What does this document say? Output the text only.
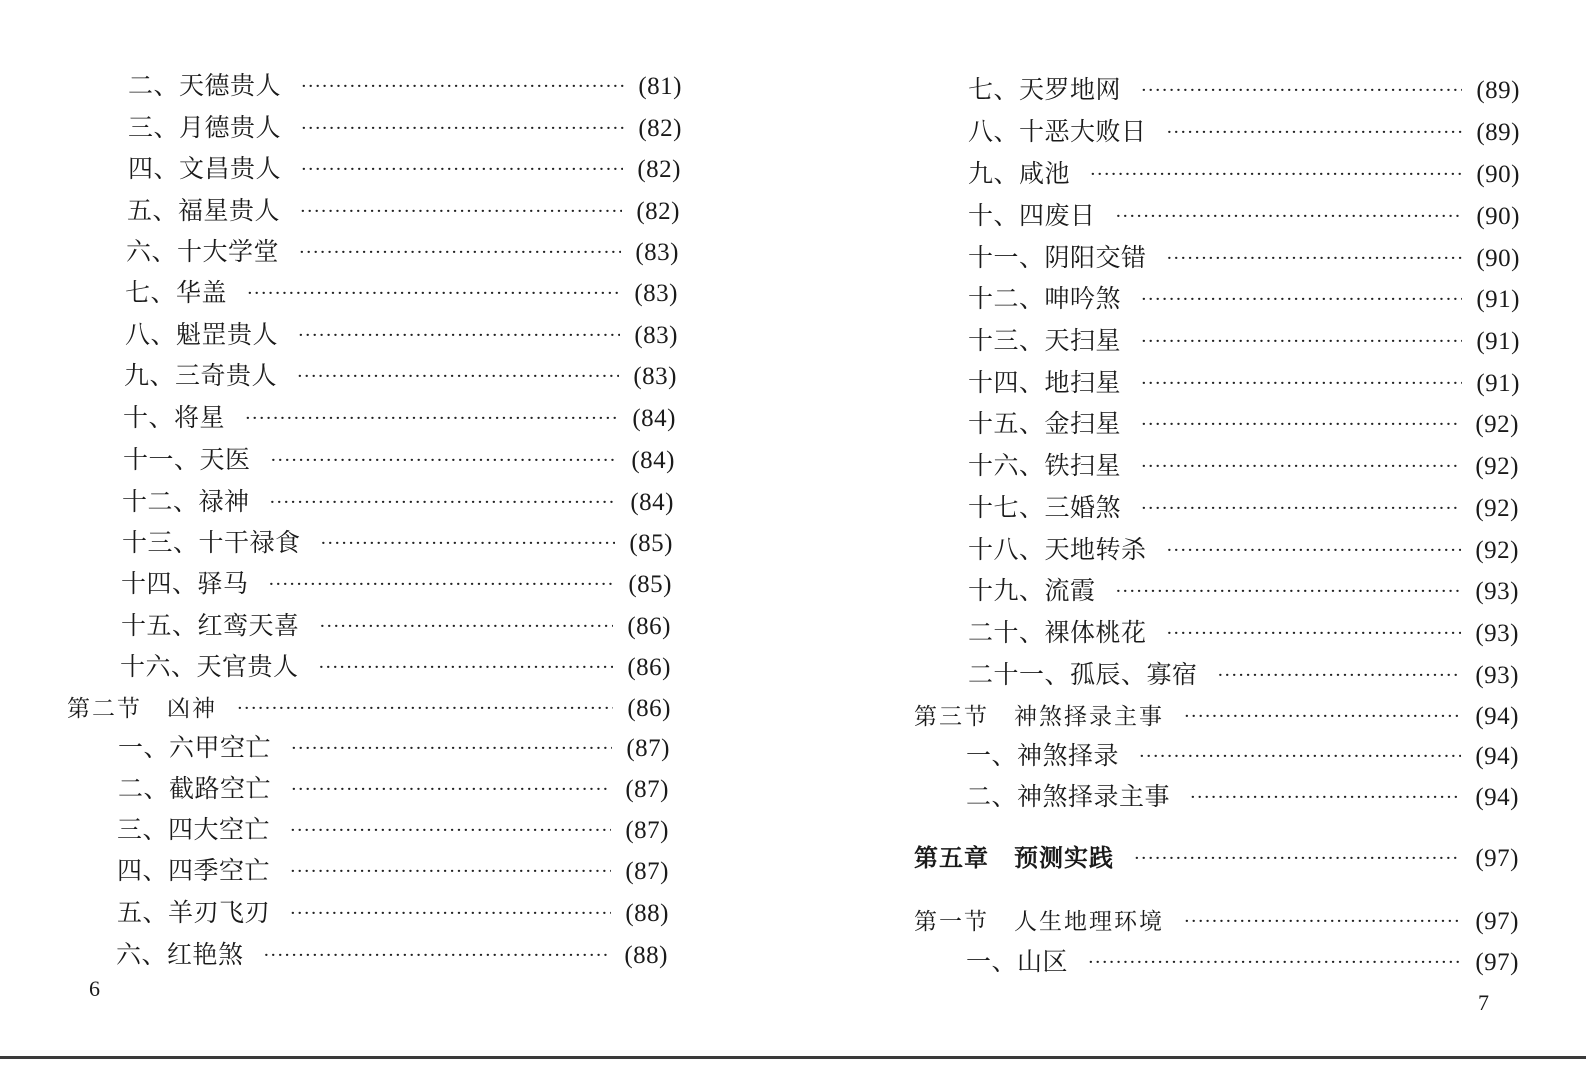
二、天德贵人 ·····	(81)
三、月德贵人 ·····	(82)
四、文昌贵人 ·····	(82)
五、福星贵人 ·····	(82)
六、十大学堂 ·····	(83)
七、华盖 ·····	(83)
八、魁罡贵人 ·····	(83)
九、三奇贵人 ·····	(83)
十、将星 ·····	(84)
十一、天医 ·····	(84)
十二、禄神 ·····	(84)
十三、十干禄食 ·····	(85)
十四、驿马 ·····	(85)
十五、红鸾天喜 ·····	(86)
十六、天官贵人 ·····	(86)
第二节　凶神 ·····	(86)
一、六甲空亡 ·····	(87)
二、截路空亡 ·····	(87)
三、四大空亡 ·····	(87)
四、四季空亡 ·····	(87)
五、羊刃飞刃 ·····	(88)
六、红艳煞 ·····	(88)
6
七、天罗地网 ·····	(89)
八、十恶大败日 ·····	(89)
九、咸池 ·····	(90)
十、四废日 ·····	(90)
十一、阴阳交错 ·····	(90)
十二、呻吟煞 ·····	(91)
十三、天扫星 ·····	(91)
十四、地扫星 ·····	(91)
十五、金扫星 ·····	(92)
十六、铁扫星 ·····	(92)
十七、三婚煞 ·····	(92)
十八、天地转杀 ·····	(92)
十九、流霞 ·····	(93)
二十、裸体桃花 ·····	(93)
二十一、孤辰、寡宿 ·····	(93)
第三节　神煞择录主事 ·····	(94)
一、神煞择录 ·····	(94)
二、神煞择录主事 ·····	(94)
第五章　预测实践 ·····	(97)
第一节　人生地理环境 ·····	(97)
一、山区 ·····	(97)
7
